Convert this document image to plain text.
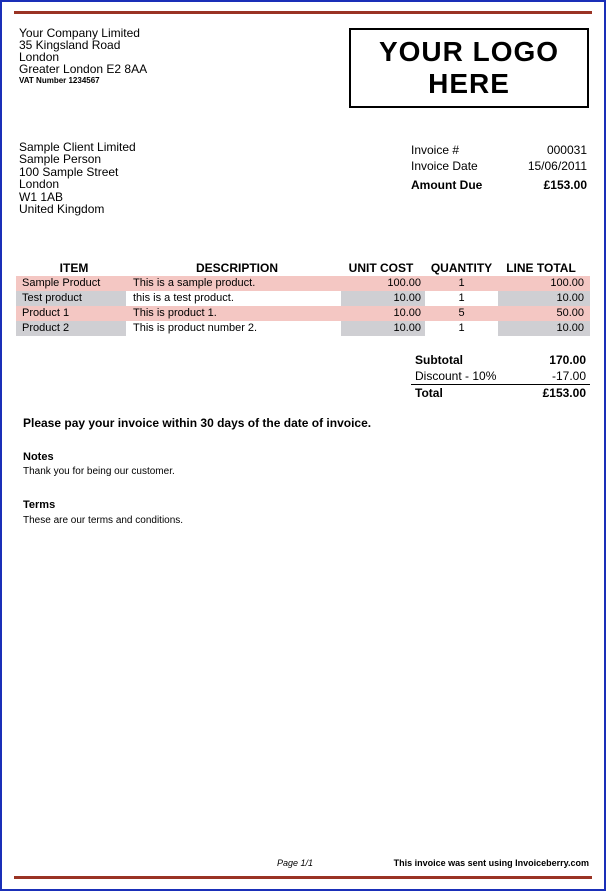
Your Company Limited
35 Kingsland Road
London
Greater London E2 8AA
VAT Number 1234567
YOUR LOGO
HERE
Sample Client Limited
Sample Person
100 Sample Street
London
W1 1AB
United Kingdom
Invoice #	000031
Invoice Date	15/06/2011
Amount Due	£153.00
ITEM	DESCRIPTION	UNIT COST	QUANTITY	LINE TOTAL
Sample Product	This is a sample product.	100.00	1	100.00
Test product	this is a test product.	10.00	1	10.00
Product 1	This is product 1.	10.00	5	50.00
Product 2	This is product number 2.	10.00	1	10.00
Subtotal	170.00
Discount - 10%	-17.00
Total	£153.00
Please pay your invoice within 30 days of the date of invoice.
Notes
Thank you for being our customer.
Terms
These are our terms and conditions.
Page 1/1	This invoice was sent using Invoiceberry.com
